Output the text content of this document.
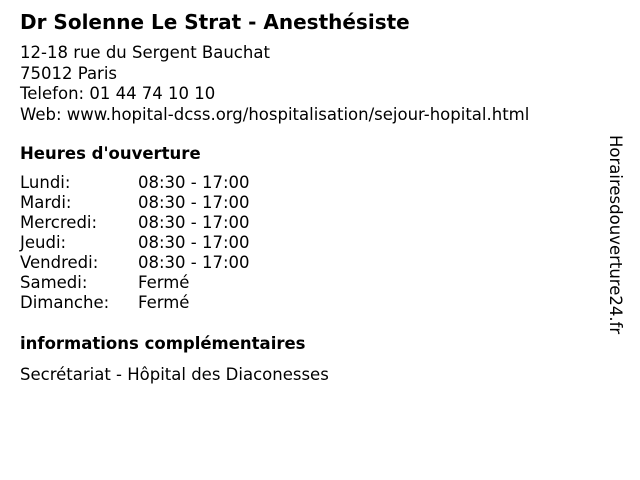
Dr Solenne Le Strat - Anesthésiste
12-18 rue du Sergent Bauchat
75012 Paris
Telefon: 01 44 74 10 10
Web: www.hopital-dcss.org/hospitalisation/sejour-hopital.html
Heures d'ouverture
Lundi:	08:30 - 17:00
Mardi:	08:30 - 17:00
Mercredi: 08:30 - 17:00
Jeudi:	08:30 - 17:00
Vendredi: 08:30 - 17:00
Samedi:	Fermé
Dimanche: Fermé
informations complémentaires
Secrétariat - Hôpital des Diaconesses
Horairesdouverture24.fr
